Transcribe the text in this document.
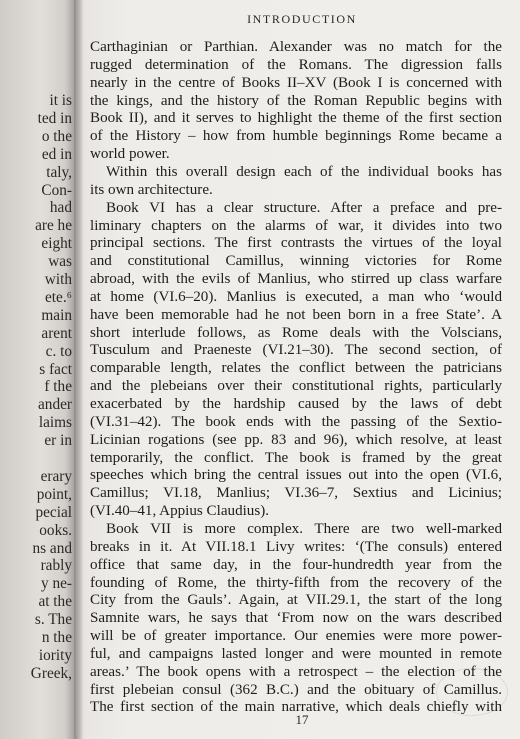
it is
ted in
o the
ed in
taly,
Con-
had
are he
eight
was
with
ete.⁶
main
arent
c. to
s fact
f the
ander
laims
er in
erary
point,
pecial
ooks.
ns and
rably
y ne-
at the
s. The
n the
iority
Greek,
INTRODUCTION
17
Carthaginian or Parthian. Alexander was no match for the
rugged determination of the Romans. The digression falls
nearly in the centre of Books II–XV (Book I is concerned with
the kings, and the history of the Roman Republic begins with
Book II), and it serves to highlight the theme of the first section
of the History – how from humble beginnings Rome became a
world power.
Within this overall design each of the individual books has
its own architecture.
Book VI has a clear structure. After a preface and pre-
liminary chapters on the alarms of war, it divides into two
principal sections. The first contrasts the virtues of the loyal
and constitutional Camillus, winning victories for Rome
abroad, with the evils of Manlius, who stirred up class warfare
at home (VI.6–20). Manlius is executed, a man who ‘would
have been memorable had he not been born in a free State’. A
short interlude follows, as Rome deals with the Volscians,
Tusculum and Praeneste (VI.21–30). The second section, of
comparable length, relates the conflict between the patricians
and the plebeians over their constitutional rights, particularly
exacerbated by the hardship caused by the laws of debt
(VI.31–42). The book ends with the passing of the Sextio-
Licinian rogations (see pp. 83 and 96), which resolve, at least
temporarily, the conflict. The book is framed by the great
speeches which bring the central issues out into the open (VI.6,
Camillus; VI.18, Manlius; VI.36–7, Sextius and Licinius;
(VI.40–41, Appius Claudius).
Book VII is more complex. There are two well-marked
breaks in it. At VII.18.1 Livy writes: ‘(The consuls) entered
office that same day, in the four-hundredth year from the
founding of Rome, the thirty-fifth from the recovery of the
City from the Gauls’. Again, at VII.29.1, the start of the long
Samnite wars, he says that ‘From now on the wars described
will be of greater importance. Our enemies were more power-
ful, and campaigns lasted longer and were mounted in remote
areas.’ The book opens with a retrospect – the election of the
first plebeian consul (362 B.C.) and the obituary of Camillus.
The first section of the main narrative, which deals chiefly with
